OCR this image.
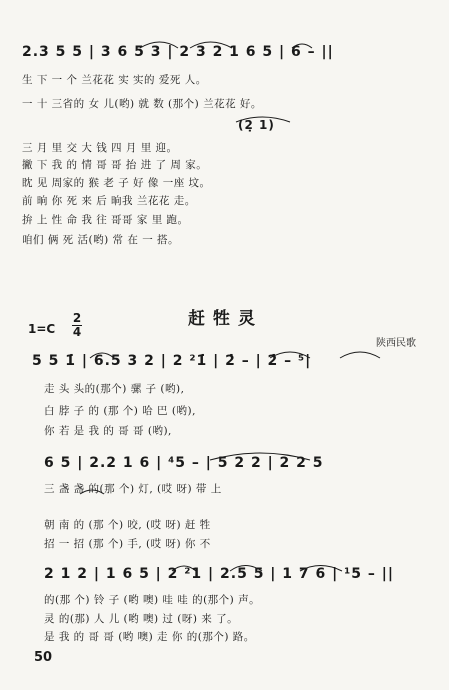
2.3 5 5 | 3 6 5 3 | 2 3 2 1 6 5 | 6 – ||
生 下 一 个 兰花花 实 实的 爱死 人。
一 十 三省的 女 儿(哟) 就 数 (那个) 兰花花 好。
(2̣ 1)
三 月 里 交 大 钱 四 月 里 迎。
撇 下 我 的 情 哥 哥 抬 进 了 周 家。
眈 见 周家的 猴 老 子 好 像 一座 坟。
前 晌 你 死 来 后 晌我 兰花花 走。
拚 上 性 命 我 往 哥哥 家 里 跑。
咱们 俩 死 活(哟) 常 在 一 搭。
赶牲灵
1=C
2
4
陕西民歌
5 5 1̇ | 6.5 3 2 | 2 ²1̇ | 2̇ – | 2̇ – ⁵|
走 头 头的(那个) 骡 子 (哟),
白 脖 子 的 (那 个) 哈 巴 (哟),
你 若 是 我 的 哥 哥 (哟),
6 5 | 2.2 1 6 | ⁴5 – | 5 2 2 | 2 2 5
三 盏 盏 的(那 个) 灯, (哎 呀) 带 上
朝 南 的 (那 个) 咬, (哎 呀) 赶 牲
招 一 招 (那 个) 手, (哎 呀) 你 不
2 1 2 | 1 6 5 | 2 ²1 | 2.5 5 | 1 7 6 | ¹5 – ||
的(那 个) 铃 子 (哟 噢) 哇 哇 的(那个) 声。
灵 的(那) 人 儿 (哟 噢) 过 (呀) 来 了。
是 我 的 哥 哥 (哟 噢) 走 你 的(那个) 路。
50
